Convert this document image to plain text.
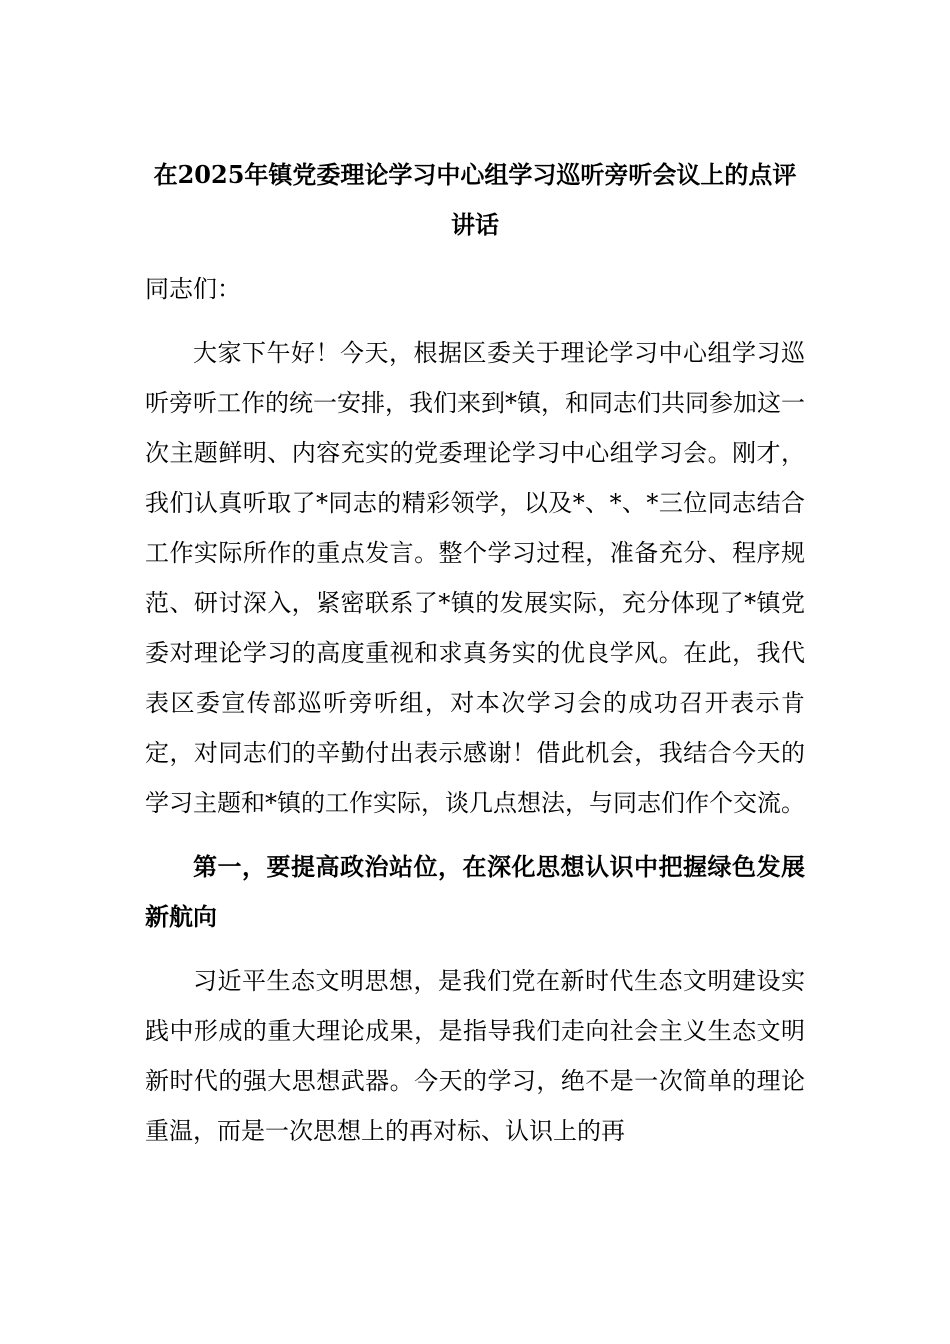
在2025年镇党委理论学习中心组学习巡听旁听会议上的点评讲话

同志们：

大家下午好！今天，根据区委关于理论学习中心组学习巡听旁听工作的统一安排，我们来到*镇，和同志们共同参加这一次主题鲜明、内容充实的党委理论学习中心组学习会。刚才，我们认真听取了*同志的精彩领学，以及*、*、*三位同志结合工作实际所作的重点发言。整个学习过程，准备充分、程序规范、研讨深入，紧密联系了*镇的发展实际，充分体现了*镇党委对理论学习的高度重视和求真务实的优良学风。在此，我代表区委宣传部巡听旁听组，对本次学习会的成功召开表示肯定，对同志们的辛勤付出表示感谢！借此机会，我结合今天的学习主题和*镇的工作实际，谈几点想法，与同志们作个交流。

第一，要提高政治站位，在深化思想认识中把握绿色发展新航向

习近平生态文明思想，是我们党在新时代生态文明建设实践中形成的重大理论成果，是指导我们走向社会主义生态文明新时代的强大思想武器。今天的学习，绝不是一次简单的理论重温，而是一次思想上的再对标、认识上的再
